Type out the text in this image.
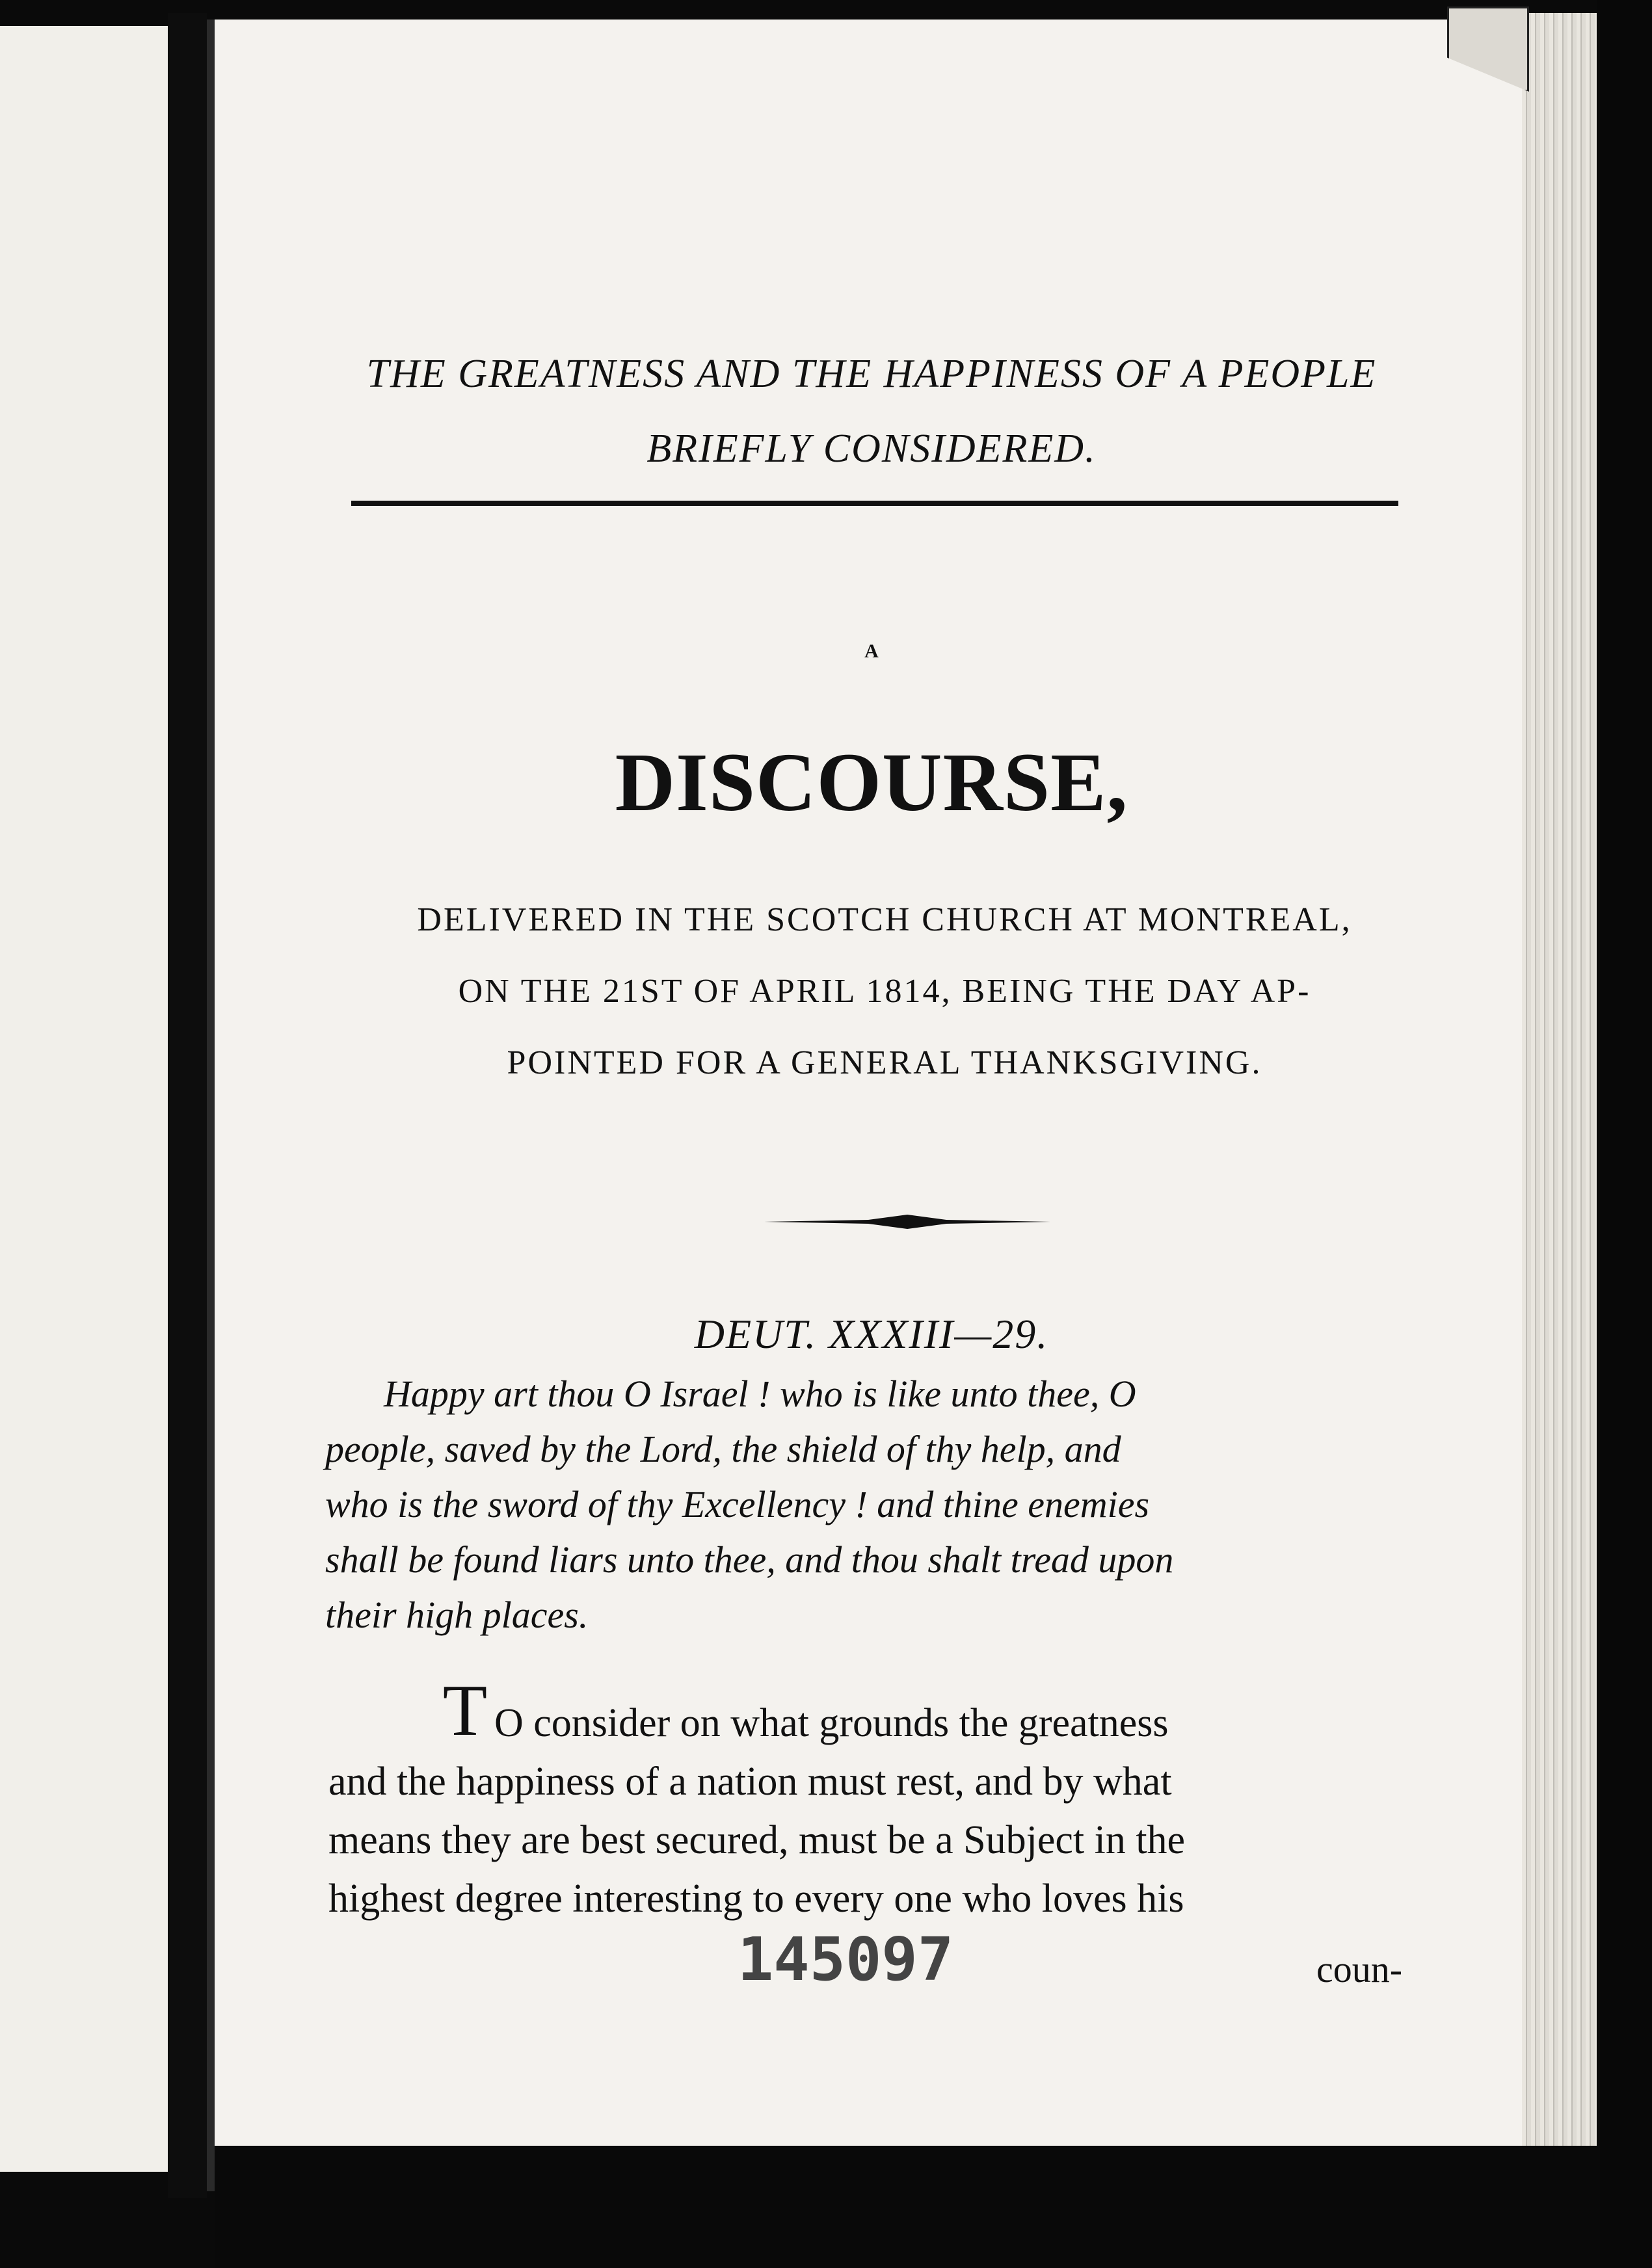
THE GREATNESS AND THE HAPPINESS OF A PEOPLE
BRIEFLY CONSIDERED.
A
DISCOURSE,
DELIVERED IN THE SCOTCH CHURCH AT MONTREAL,
ON THE 21ST OF APRIL 1814, BEING THE DAY AP-
POINTED FOR A GENERAL THANKSGIVING.
DEUT. XXXIII—29.
Happy art thou O Israel ! who is like unto thee, O
people, saved by the Lord, the shield of thy help, and
who is the sword of thy Excellency ! and thine enemies
shall be found liars unto thee, and thou shalt tread upon
their high places.
T O consider on what grounds the greatness
and the happiness of a nation must rest, and by what
means they are best secured, must be a Subject in the
highest degree interesting to every one who loves his
145097	coun-
